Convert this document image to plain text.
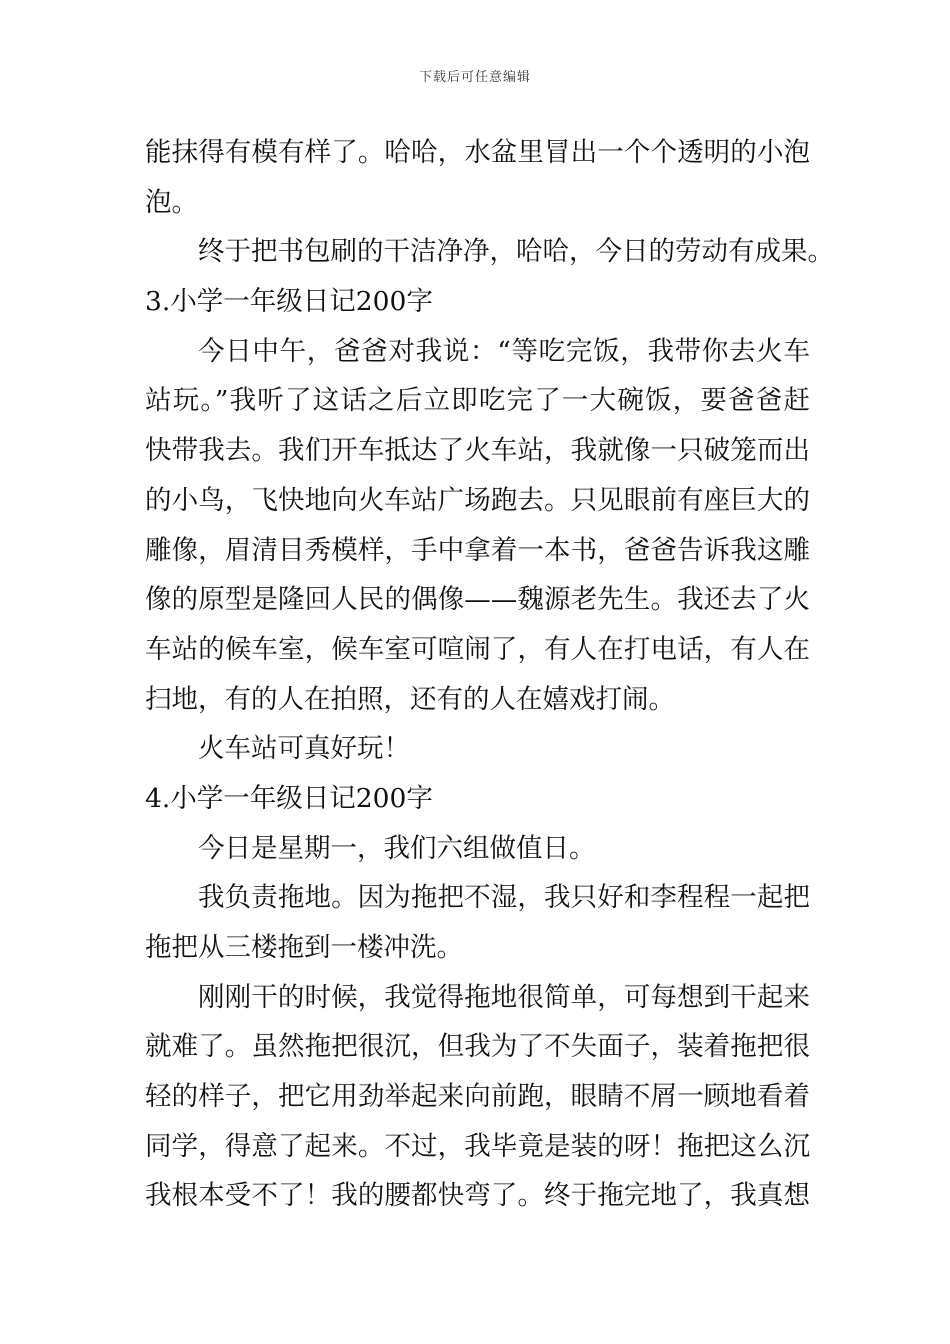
下载后可任意编辑
能抹得有模有样了。哈哈，水盆里冒出一个个透明的小泡
泡。
终于把书包刷的干洁净净，哈哈，今日的劳动有成果。
3.小学一年级日记200字
今日中午，爸爸对我说：“等吃完饭，我带你去火车
站玩。”我听了这话之后立即吃完了一大碗饭，要爸爸赶
快带我去。我们开车抵达了火车站，我就像一只破笼而出
的小鸟，飞快地向火车站广场跑去。只见眼前有座巨大的
雕像，眉清目秀模样，手中拿着一本书，爸爸告诉我这雕
像的原型是隆回人民的偶像——魏源老先生。我还去了火
车站的候车室，候车室可喧闹了，有人在打电话，有人在
扫地，有的人在拍照，还有的人在嬉戏打闹。
火车站可真好玩！
4.小学一年级日记200字
今日是星期一，我们六组做值日。
我负责拖地。因为拖把不湿，我只好和李程程一起把
拖把从三楼拖到一楼冲洗。
刚刚干的时候，我觉得拖地很简单，可每想到干起来
就难了。虽然拖把很沉，但我为了不失面子，装着拖把很
轻的样子，把它用劲举起来向前跑，眼睛不屑一顾地看着
同学，得意了起来。不过，我毕竟是装的呀！拖把这么沉
我根本受不了！我的腰都快弯了。终于拖完地了，我真想
